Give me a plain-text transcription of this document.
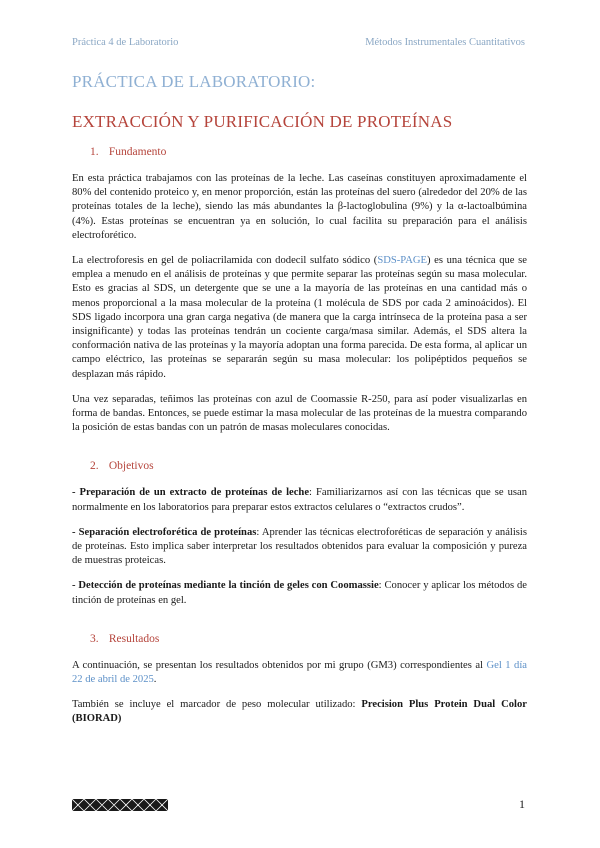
Práctica 4 de Laboratorio	Métodos Instrumentales Cuantitativos
PRÁCTICA DE LABORATORIO:
EXTRACCIÓN Y PURIFICACIÓN DE PROTEÍNAS
1. Fundamento

En esta práctica trabajamos con las proteínas de la leche. Las caseínas constituyen aproximadamente el 80% del contenido proteico y, en menor proporción, están las proteínas del suero (alrededor del 20% de las proteínas totales de la leche), siendo las más abundantes la β-lactoglobulina (9%) y la α-lactoalbúmina (4%). Estas proteínas se encuentran ya en solución, lo cual facilita su preparación para el análisis electroforético.

La electroforesis en gel de poliacrilamida con dodecil sulfato sódico (SDS-PAGE) es una técnica que se emplea a menudo en el análisis de proteínas y que permite separar las proteínas según su masa molecular. Esto es gracias al SDS, un detergente que se une a la mayoría de las proteínas en una cantidad más o menos proporcional a la masa molecular de la proteína (1 molécula de SDS por cada 2 aminoácidos). El SDS ligado incorpora una gran carga negativa (de manera que la carga intrínseca de la proteína pasa a ser insignificante) y todas las proteínas tendrán un cociente carga/masa similar. Además, el SDS altera la conformación nativa de las proteínas y la mayoría adoptan una forma parecida. De esta forma, al aplicar un campo eléctrico, las proteínas se separarán según su masa molecular: los polipéptidos pequeños se desplazan más rápido.

Una vez separadas, teñimos las proteínas con azul de Coomassie R-250, para así poder visualizarlas en forma de bandas. Entonces, se puede estimar la masa molecular de las proteínas de la muestra comparando la posición de estas bandas con un patrón de masas moleculares conocidas.

2. Objetivos

- Preparación de un extracto de proteínas de leche: Familiarizarnos así con las técnicas que se usan normalmente en los laboratorios para preparar estos extractos celulares o “extractos crudos”.

- Separación electroforética de proteínas: Aprender las técnicas electroforéticas de separación y análisis de proteínas. Esto implica saber interpretar los resultados obtenidos para evaluar la composición y pureza de muestras proteicas.

- Detección de proteínas mediante la tinción de geles con Coomassie: Conocer y aplicar los métodos de tinción de proteínas en gel.

3. Resultados

A continuación, se presentan los resultados obtenidos por mi grupo (GM3) correspondientes al Gel 1 día 22 de abril de 2025.

También se incluye el marcador de peso molecular utilizado: Precision Plus Protein Dual Color (BIORAD)

1
